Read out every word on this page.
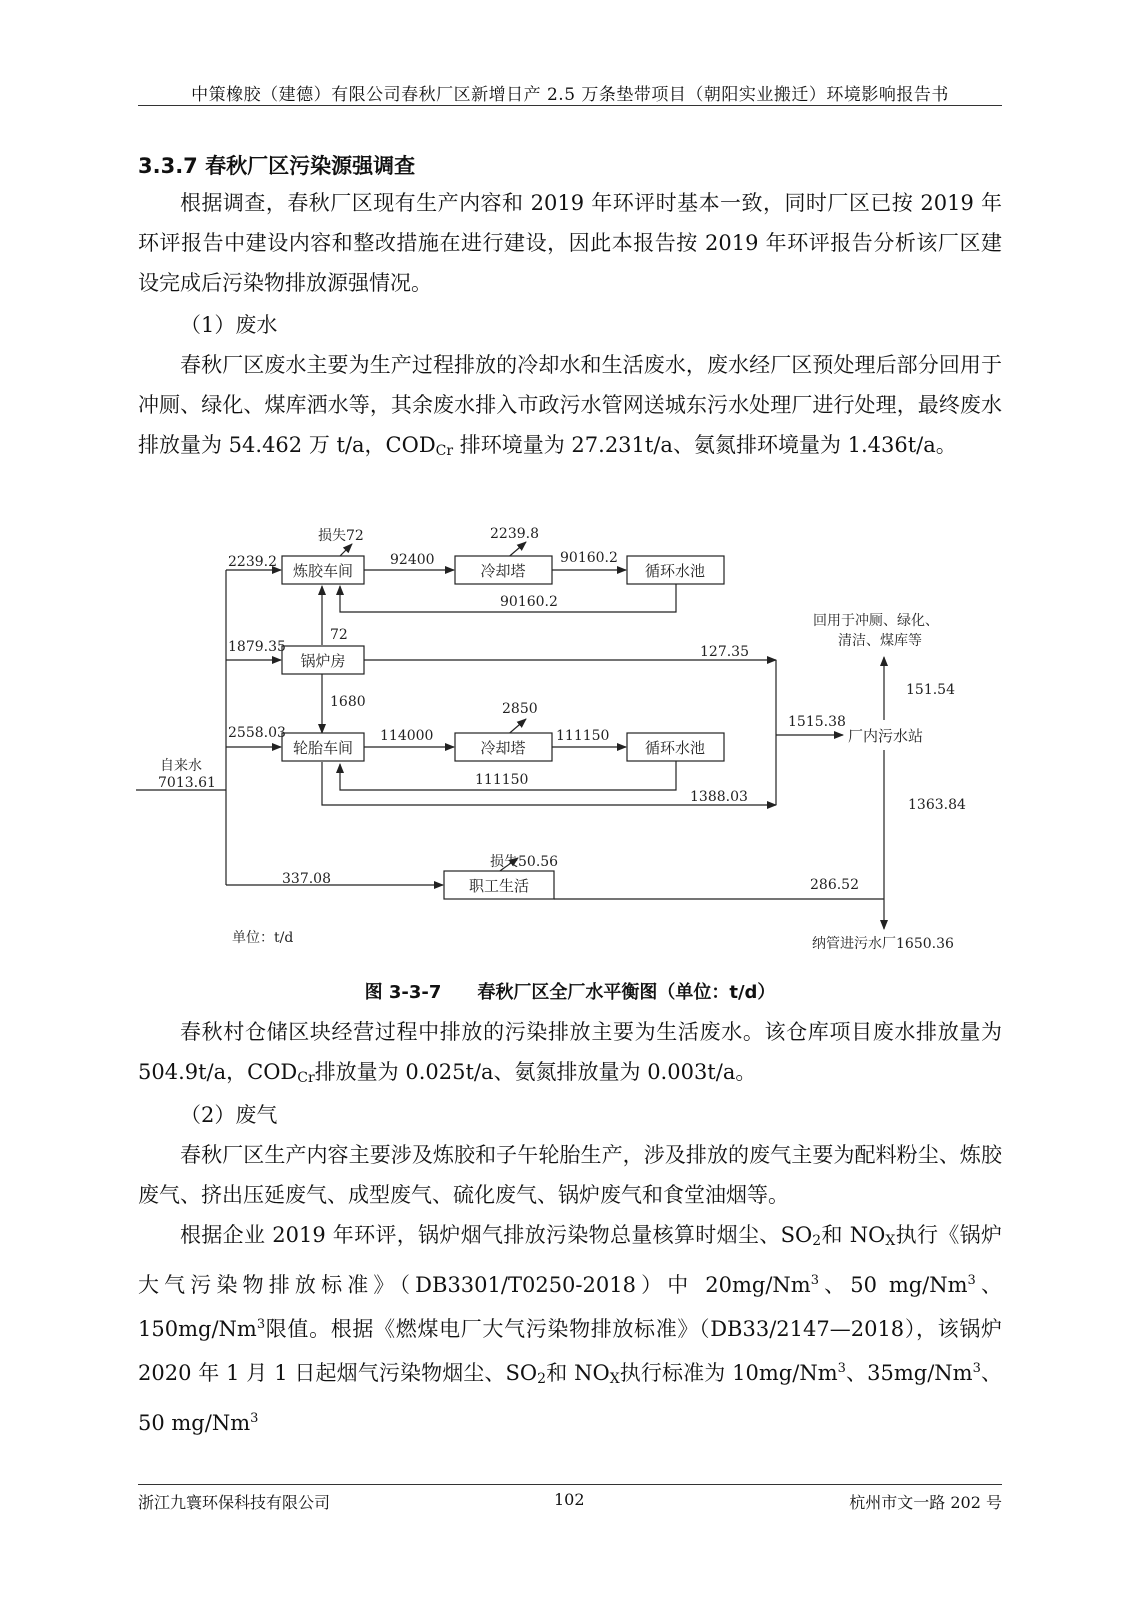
中策橡胶（建德）有限公司春秋厂区新增日产 2.5 万条垫带项目（朝阳实业搬迁）环境影响报告书
3.3.7 春秋厂区污染源强调查

根据调查，春秋厂区现有生产内容和 2019 年环评时基本一致，同时厂区已按 2019 年环评报告中建设内容和整改措施在进行建设，因此本报告按 2019 年环评报告分析该厂区建设完成后污染物排放源强情况。

（1）废水

春秋厂区废水主要为生产过程排放的冷却水和生活废水，废水经厂区预处理后部分回用于冲厕、绿化、煤库洒水等，其余废水排入市政污水管网送城东污水处理厂进行处理，最终废水排放量为 54.462 万 t/a，$COD_{Cr}$ 排环境量为 27.231t/a、氨氮排环境量为 1.436t/a。

炼胶车间	冷却塔	循环水池
锅炉房
轮胎车间	冷却塔	循环水池
职工生活
损失72
2239.2	92400
2239.8
90160.2
90160.2
72
1879.35	127.35
回用于冲厕、绿化、
清洁、煤库等
151.54
1680	2850
2558.03	114000	111150
111150
1515.38
厂内污水站
自来水
7013.61
1388.03	1363.84
损失50.56
337.08	286.52
单位：t/d	纳管进污水厂1650.36
图 3-3-7　　春秋厂区全厂水平衡图（单位：t/d）

春秋村仓储区块经营过程中排放的污染排放主要为生活废水。该仓库项目废水排放量为 504.9t/a，$COD_{Cr}$排放量为 0.025t/a、氨氮排放量为 0.003t/a。

（2）废气

春秋厂区生产内容主要涉及炼胶和子午轮胎生产，涉及排放的废气主要为配料粉尘、炼胶废气、挤出压延废气、成型废气、硫化废气、锅炉废气和食堂油烟等。

根据企业 2019 年环评，锅炉烟气排放污染物总量核算时烟尘、$SO_2$和 $NO_X$执行《锅炉大气污染物排放标准》（DB3301/T0250-2018）中 20mg/Nm$^3$、50 mg/Nm$^3$、150mg/Nm$^3$限值。根据《燃煤电厂大气污染物排放标准》（DB33/2147—2018），该锅炉 2020 年 1 月 1 日起烟气污染物烟尘、$SO_2$和 $NO_X$执行标准为 10mg/Nm$^3$、35mg/Nm$^3$、50 mg/Nm$^3$

浙江九寰环保科技有限公司	102	杭州市文一路 202 号
